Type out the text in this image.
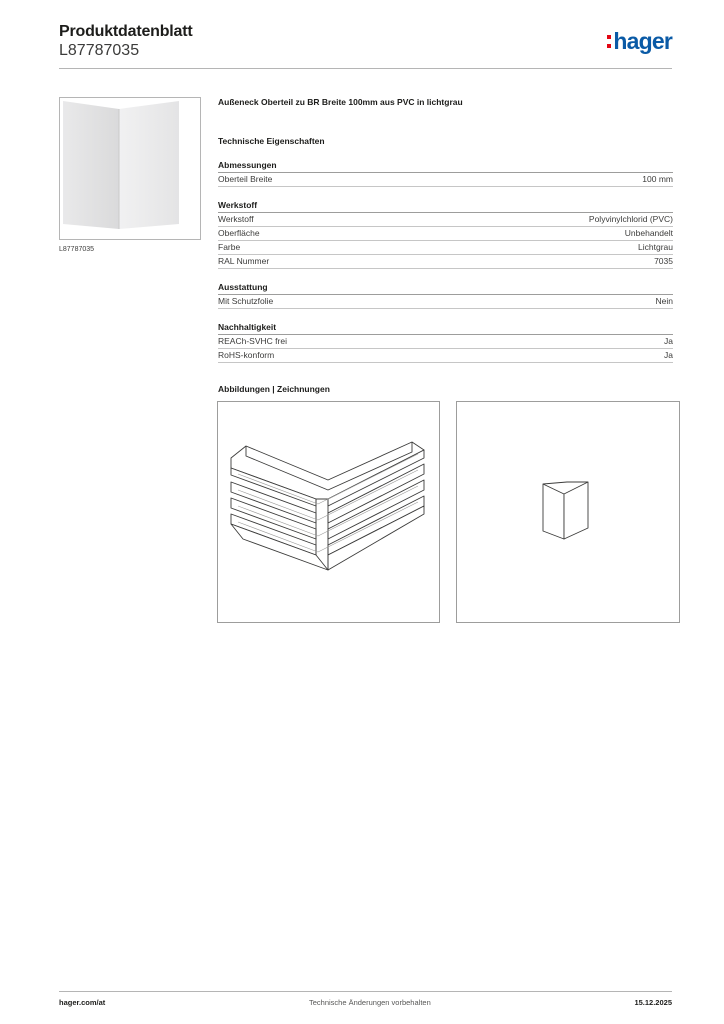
Produktdatenblatt
L87787035	hager
L87787035
Außeneck Oberteil zu BR Breite 100mm aus PVC in lichtgrau
Technische Eigenschaften
Abmessungen
Oberteil Breite	100 mm
Werkstoff
Werkstoff	Polyvinylchlorid (PVC)
Oberfläche	Unbehandelt
Farbe	Lichtgrau
RAL Nummer	7035
Ausstattung
Mit Schutzfolie	Nein
Nachhaltigkeit
REACh-SVHC frei	Ja
RoHS-konform	Ja
Abbildungen | Zeichnungen
hager.com/at	Technische Änderungen vorbehalten	15.12.2025
